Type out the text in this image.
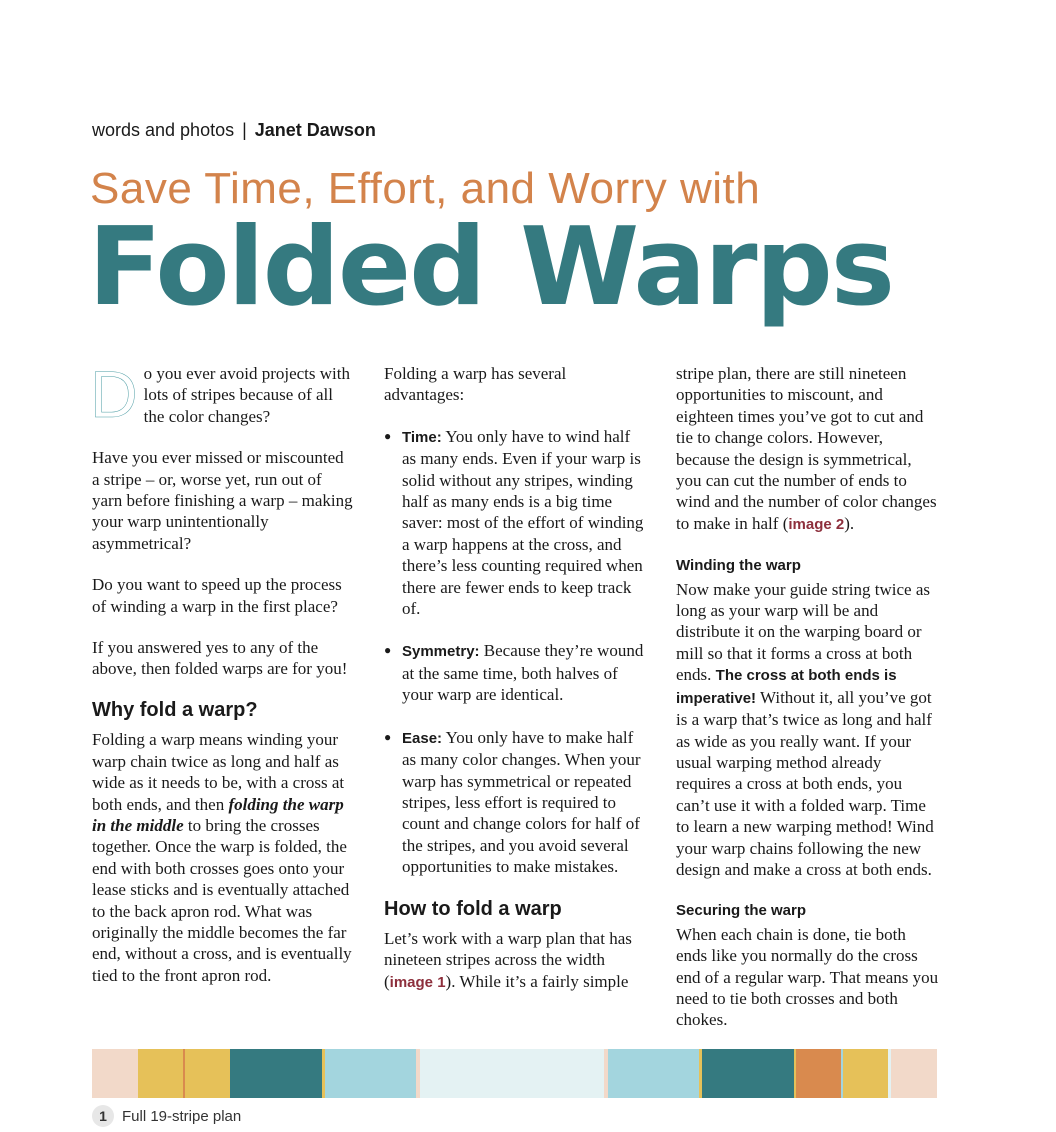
words and photos | Janet Dawson
Save Time, Effort, and Worry with
Folded Warps

Do you ever avoid projects with lots of stripes because of all the color changes?

Have you ever missed or miscounted a stripe – or, worse yet, run out of yarn before finishing a warp – making your warp unintentionally asymmetrical?

Do you want to speed up the process of winding a warp in the first place?

If you answered yes to any of the above, then folded warps are for you!

Why fold a warp?

Folding a warp means winding your warp chain twice as long and half as wide as it needs to be, with a cross at both ends, and then folding the warp in the middle to bring the crosses together. Once the warp is folded, the end with both crosses goes onto your lease sticks and is eventually attached to the back apron rod. What was originally the middle becomes the far end, without a cross, and is eventually tied to the front apron rod.

Folding a warp has several advantages:

● Time: You only have to wind half as many ends. Even if your warp is solid without any stripes, winding half as many ends is a big time saver: most of the effort of winding a warp happens at the cross, and there’s less counting required when there are fewer ends to keep track of.
● Symmetry: Because they’re wound at the same time, both halves of your warp are identical.
● Ease: You only have to make half as many color changes. When your warp has symmetrical or repeated stripes, less effort is required to count and change colors for half of the stripes, and you avoid several opportunities to make mistakes.
How to fold a warp

Let’s work with a warp plan that has nineteen stripes across the width (image 1). While it’s a fairly simple

stripe plan, there are still nineteen opportunities to miscount, and eighteen times you’ve got to cut and tie to change colors. However, because the design is symmetrical, you can cut the number of ends to wind and the number of color changes to make in half (image 2).

Winding the warp

Now make your guide string twice as long as your warp will be and distribute it on the warping board or mill so that it forms a cross at both ends. The cross at both ends is imperative! Without it, all you’ve got is a warp that’s twice as long and half as wide as you really want. If your usual warping method already requires a cross at both ends, you can’t use it with a folded warp. Time to learn a new warping method! Wind your warp chains following the new design and make a cross at both ends.

Securing the warp

When each chain is done, tie both ends like you normally do the cross end of a regular warp. That means you need to tie both crosses and both chokes.

1	Full 19-stripe plan
